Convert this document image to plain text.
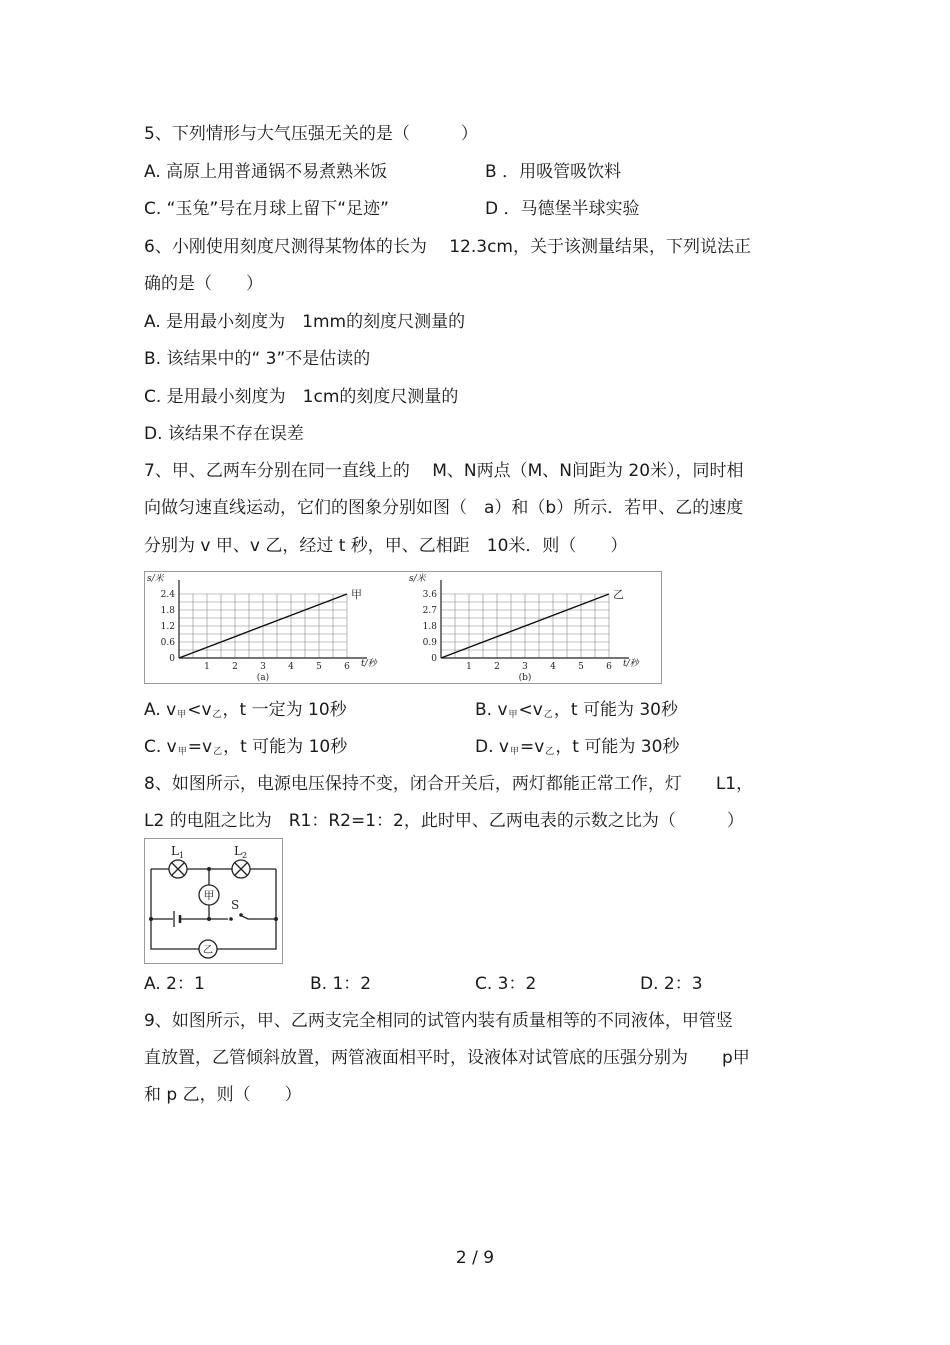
5、下列情形与大气压强无关的是（　　　）
A. 高原上用普通锅不易煮熟米饭	B ．用吸管吸饮料
C. “玉兔”号在月球上留下“足迹”	D ．马德堡半球实验
6、小刚使用刻度尺测得某物体的长为　 12.3cm，关于该测量结果，下列说法正
确的是（　　）
A. 是用最小刻度为　1mm的刻度尺测量的
B. 该结果中的“ 3”不是估读的
C. 是用最小刻度为　1cm的刻度尺测量的
D. 该结果不存在误差
7、甲、乙两车分别在同一直线上的　 M、N两点（M、N间距为 20米），同时相
向做匀速直线运动，它们的图象分别如图（　a）和（b）所示．若甲、乙的速度
分别为 v 甲、v 乙，经过 t 秒，甲、乙相距　10米．则（　　）
0
0.6
1.2
1.8
2.4
1 2 3 4 5 6
s/米
t/秒
甲
(a)
0
0.9
1.8
2.7
3.6
1 2 3 4 5 6
s/米
t/秒
乙
(b)
A. $v_甲<v_乙$，t 一定为 10秒	B. $v_甲<v_乙$，t 可能为 30秒
C. $v_甲=v_乙$，t 可能为 10秒	D. $v_甲=v_乙$，t 可能为 30秒
8、如图所示，电源电压保持不变，闭合开关后，两灯都能正常工作，灯　　L1，
L2 的电阻之比为　R1：R2=1：2，此时甲、乙两电表的示数之比为（　　　）
甲
乙
$L_1$	$L_2$
S
A. 2：1	B. 1：2	C. 3：2	D. 2：3
9、如图所示，甲、乙两支完全相同的试管内装有质量相等的不同液体，甲管竖
直放置，乙管倾斜放置，两管液面相平时，设液体对试管底的压强分别为　　p甲
和 p 乙，则（　　）
2 / 9
